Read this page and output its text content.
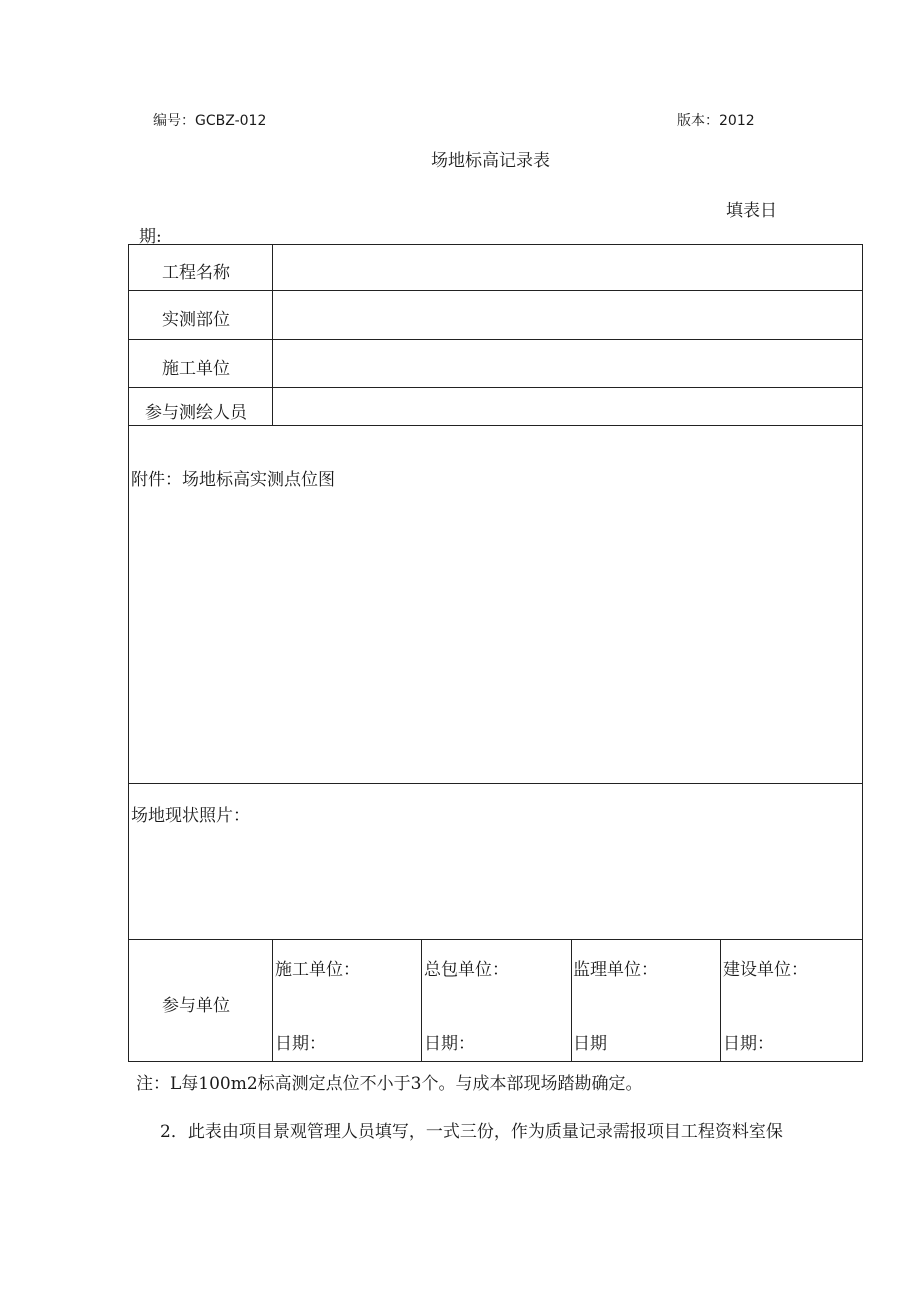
编号：GCBZ-012	版本：2012
场地标高记录表
填表日
期:
工程名称
实测部位
施工单位
参与测绘人员
附件：场地标高实测点位图
场地现状照片：
参与单位
施工单位：
日期：
总包单位：
日期：
监理单位：
日期
建设单位：
日期：
注：L每100m2标高测定点位不小于3个。与成本部现场踏勘确定。
2．此表由项目景观管理人员填写，一式三份，作为质量记录需报项目工程资料室保
